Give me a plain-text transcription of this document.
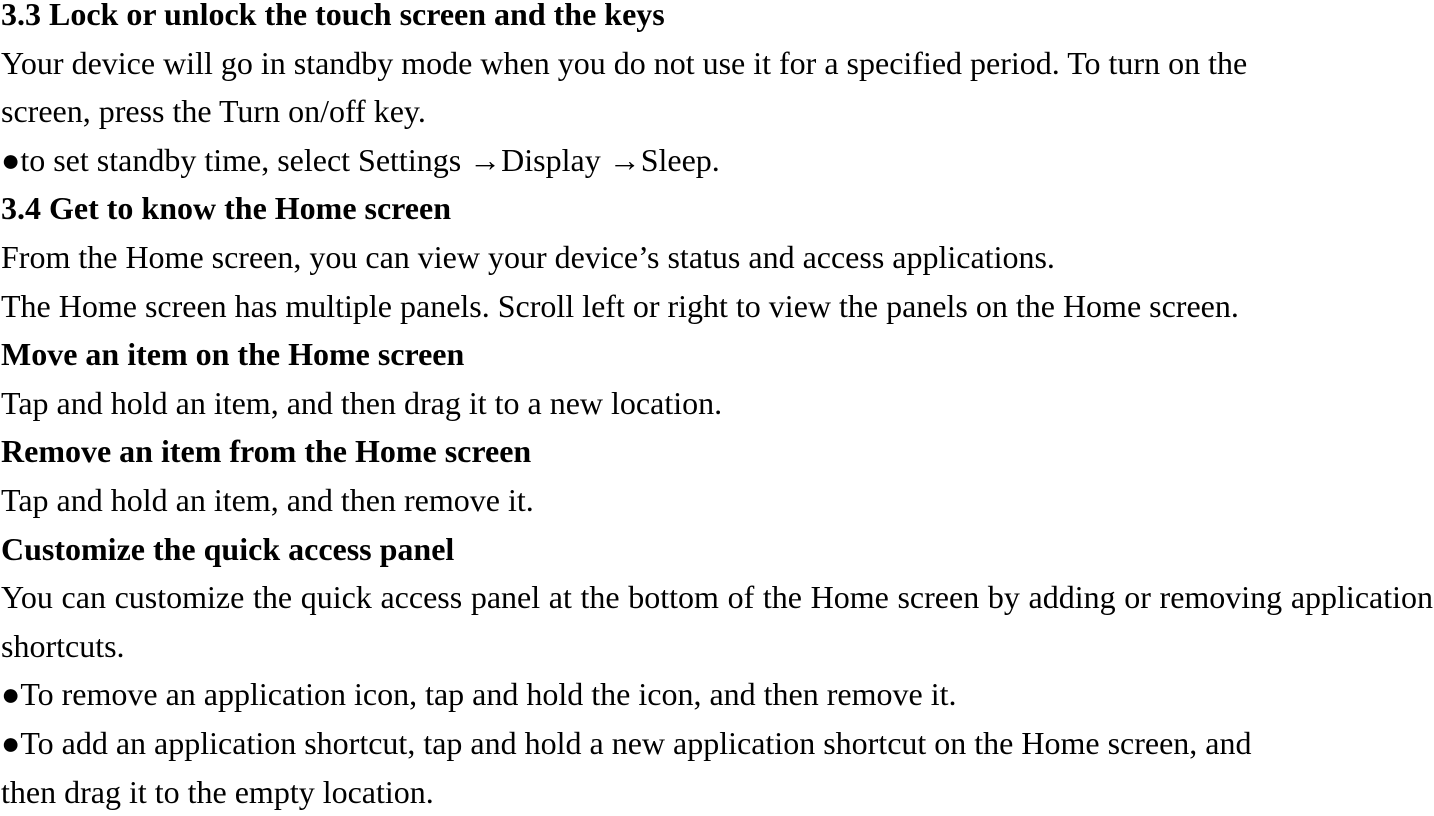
3.3 Lock or unlock the touch screen and the keys
Your device will go in standby mode when you do not use it for a specified period. To turn on the
screen, press the Turn on/off key.
●to set standby time, select Settings →Display →Sleep.
3.4 Get to know the Home screen
From the Home screen, you can view your device’s status and access applications.
The Home screen has multiple panels. Scroll left or right to view the panels on the Home screen.
Move an item on the Home screen
Tap and hold an item, and then drag it to a new location.
Remove an item from the Home screen
Tap and hold an item, and then remove it.
Customize the quick access panel

You can customize the quick access panel at the bottom of the Home screen by adding or removing application shortcuts.

●To remove an application icon, tap and hold the icon, and then remove it.
●To add an application shortcut, tap and hold a new application shortcut on the Home screen, and
then drag it to the empty location.
